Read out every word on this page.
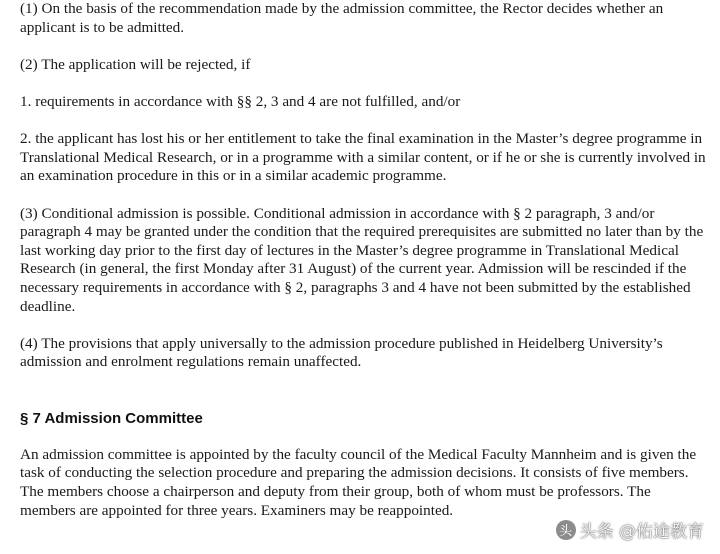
(1) On the basis of the recommendation made by the admission committee, the Rector decides whether an applicant is to be admitted.

(2) The application will be rejected, if

1. requirements in accordance with §§ 2, 3 and 4 are not fulfilled, and/or

2. the applicant has lost his or her entitlement to take the final examination in the Master’s degree programme in Translational Medical Research, or in a programme with a similar content, or if he or she is currently involved in an examination procedure in this or in a similar academic programme.

(3) Conditional admission is possible. Conditional admission in accordance with § 2 paragraph, 3 and/or paragraph 4 may be granted under the condition that the required prerequisites are submitted no later than by the last working day prior to the first day of lectures in the Master’s degree programme in Translational Medical Research (in general, the first Monday after 31 August) of the current year. Admission will be rescinded if the necessary requirements in accordance with § 2, paragraphs 3 and 4 have not been submitted by the established deadline.

(4) The provisions that apply universally to the admission procedure published in Heidelberg University’s admission and enrolment regulations remain unaffected.

§ 7 Admission Committee

An admission committee is appointed by the faculty council of the Medical Faculty Mannheim and is given the task of conducting the selection procedure and preparing the admission decisions. It consists of five members. The members choose a chairperson and deputy from their group, both of whom must be professors. The members are appointed for three years. Examiners may be reappointed.

头 头条 @佑途教育
